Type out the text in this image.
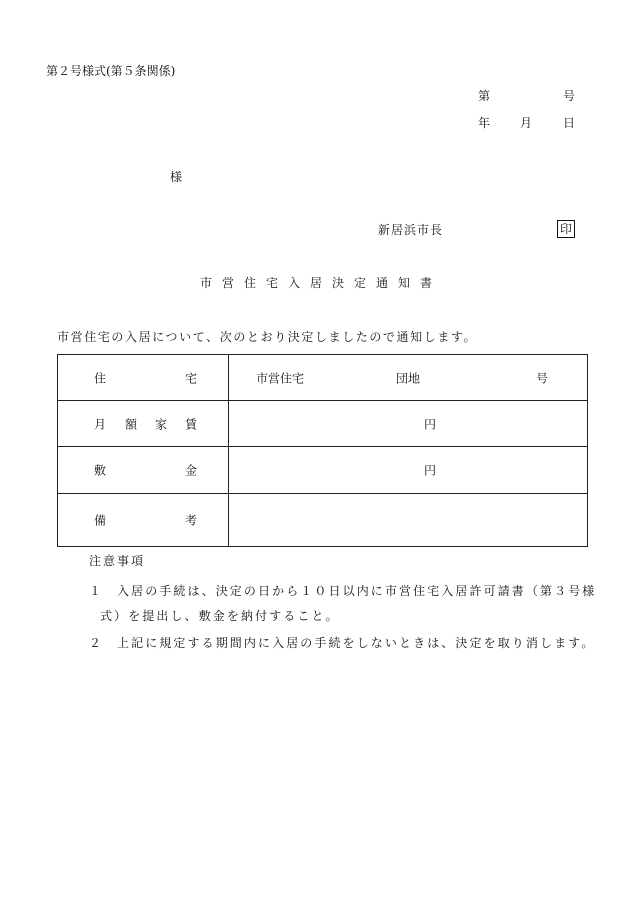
第２号様式(第５条関係)
第	号
年 月	日
様
新居浜市長	印
市営住宅入居決定通知書
市営住宅の入居について、次のとおり決定しましたので通知します。
住 宅	市営住宅 団地 号

月 額 家 賃	円

敷 金	円

備 考	

注意事項
１ 入居の手続は、決定の日から１０日以内に市営住宅入居許可請書（第３号様
式）を提出し、敷金を納付すること。
２ 上記に規定する期間内に入居の手続をしないときは、決定を取り消します。
